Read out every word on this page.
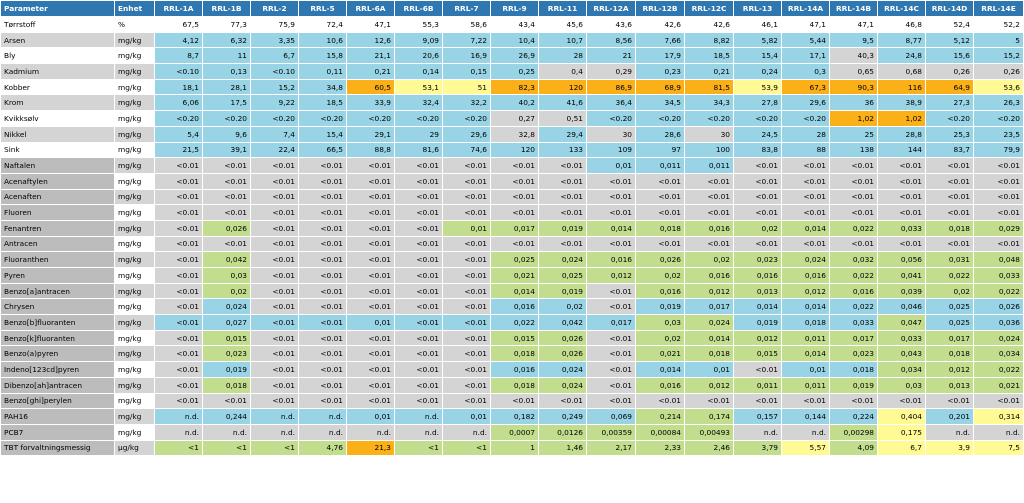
Parameter	Enhet	RRL-1A	RRL-1B	RRL-2	RRL-5	RRL-6A	RRL-6B	RRL-7	RRL-9	RRL-11	RRL-12A	RRL-12B	RRL-12C	RRL-13	RRL-14A	RRL-14B	RRL-14C	RRL-14D	RRL-14E
Tørrstoff	%	67,5	77,3	75,9	72,4	47,1	55,3	58,6	43,4	45,6	43,6	42,6	42,6	46,1	47,1	47,1	46,8	52,4	52,2
Arsen	mg/kg	4,12	6,32	3,35	10,6	12,6	9,09	7,22	10,4	10,7	8,56	7,66	8,82	5,82	5,44	9,5	8,77	5,12	5
Bly	mg/kg	8,7	11	6,7	15,8	21,1	20,6	16,9	26,9	28	21	17,9	18,5	15,4	17,1	40,3	24,8	15,6	15,2
Kadmium	mg/kg	<0.10	0,13	<0.10	0,11	0,21	0,14	0,15	0,25	0,4	0,29	0,23	0,21	0,24	0,3	0,65	0,68	0,26	0,26
Kobber	mg/kg	18,1	28,1	15,2	34,8	60,5	53,1	51	82,3	120	86,9	68,9	81,5	53,9	67,3	90,3	116	64,9	53,6
Krom	mg/kg	6,06	17,5	9,22	18,5	33,9	32,4	32,2	40,2	41,6	36,4	34,5	34,3	27,8	29,6	36	38,9	27,3	26,3
Kvikksølv	mg/kg	<0.20	<0.20	<0.20	<0.20	<0.20	<0.20	<0.20	0,27	0,51	<0.20	<0.20	<0.20	<0.20	<0.20	1,02	1,02	<0.20	<0.20
Nikkel	mg/kg	5,4	9,6	7,4	15,4	29,1	29	29,6	32,8	29,4	30	28,6	30	24,5	28	25	28,8	25,3	23,5
Sink	mg/kg	21,5	39,1	22,4	66,5	88,8	81,6	74,6	120	133	109	97	100	83,8	88	138	144	83,7	79,9
Naftalen	mg/kg	<0.01	<0.01	<0.01	<0.01	<0.01	<0.01	<0.01	<0.01	<0.01	0,01	0,011	0,011	<0.01	<0.01	<0.01	<0.01	<0.01	<0.01
Acenaftylen	mg/kg	<0.01	<0.01	<0.01	<0.01	<0.01	<0.01	<0.01	<0.01	<0.01	<0.01	<0.01	<0.01	<0.01	<0.01	<0.01	<0.01	<0.01	<0.01
Acenaften	mg/kg	<0.01	<0.01	<0.01	<0.01	<0.01	<0.01	<0.01	<0.01	<0.01	<0.01	<0.01	<0.01	<0.01	<0.01	<0.01	<0.01	<0.01	<0.01
Fluoren	mg/kg	<0.01	<0.01	<0.01	<0.01	<0.01	<0.01	<0.01	<0.01	<0.01	<0.01	<0.01	<0.01	<0.01	<0.01	<0.01	<0.01	<0.01	<0.01
Fenantren	mg/kg	<0.01	0,026	<0.01	<0.01	<0.01	<0.01	0,01	0,017	0,019	0,014	0,018	0,016	0,02	0,014	0,022	0,033	0,018	0,029
Antracen	mg/kg	<0.01	<0.01	<0.01	<0.01	<0.01	<0.01	<0.01	<0.01	<0.01	<0.01	<0.01	<0.01	<0.01	<0.01	<0.01	<0.01	<0.01	<0.01
Fluoranthen	mg/kg	<0.01	0,042	<0.01	<0.01	<0.01	<0.01	<0.01	0,025	0,024	0,016	0,026	0,02	0,023	0,024	0,032	0,056	0,031	0,048
Pyren	mg/kg	<0.01	0,03	<0.01	<0.01	<0.01	<0.01	<0.01	0,021	0,025	0,012	0,02	0,016	0,016	0,016	0,022	0,041	0,022	0,033
Benzo[a]antracen	mg/kg	<0.01	0,02	<0.01	<0.01	<0.01	<0.01	<0.01	0,014	0,019	<0.01	0,016	0,012	0,013	0,012	0,016	0,039	0,02	0,022
Chrysen	mg/kg	<0.01	0,024	<0.01	<0.01	<0.01	<0.01	<0.01	0,016	0,02	<0.01	0,019	0,017	0,014	0,014	0,022	0,046	0,025	0,026
Benzo[b]fluoranten	mg/kg	<0.01	0,027	<0.01	<0.01	0,01	<0.01	<0.01	0,022	0,042	0,017	0,03	0,024	0,019	0,018	0,033	0,047	0,025	0,036
Benzo[k]fluoranten	mg/kg	<0.01	0,015	<0.01	<0.01	<0.01	<0.01	<0.01	0,015	0,026	<0.01	0,02	0,014	0,012	0,011	0,017	0,033	0,017	0,024
Benzo(a)pyren	mg/kg	<0.01	0,023	<0.01	<0.01	<0.01	<0.01	<0.01	0,018	0,026	<0.01	0,021	0,018	0,015	0,014	0,023	0,043	0,018	0,034
Indeno[123cd]pyren	mg/kg	<0.01	0,019	<0.01	<0.01	<0.01	<0.01	<0.01	0,016	0,024	<0.01	0,014	0,01	<0.01	0,01	0,018	0,034	0,012	0,022
Dibenzo[ah]antracen	mg/kg	<0.01	0,018	<0.01	<0.01	<0.01	<0.01	<0.01	0,018	0,024	<0.01	0,016	0,012	0,011	0,011	0,019	0,03	0,013	0,021
Benzo[ghi]perylen	mg/kg	<0.01	<0.01	<0.01	<0.01	<0.01	<0.01	<0.01	<0.01	<0.01	<0.01	<0.01	<0.01	<0.01	<0.01	<0.01	<0.01	<0.01	<0.01
PAH16	mg/kg	n.d.	0,244	n.d.	n.d.	0,01	n.d.	0,01	0,182	0,249	0,069	0,214	0,174	0,157	0,144	0,224	0,404	0,201	0,314
PCB7	mg/kg	n.d.	n.d.	n.d.	n.d.	n.d.	n.d.	n.d.	0,0007	0,0126	0,00359	0,00084	0,00493	n.d.	n.d.	0,00298	0,175	n.d.	n.d.
TBT forvaltningsmessig	µg/kg	<1	<1	<1	4,76	21,3	<1	<1	1	1,46	2,17	2,33	2,46	3,79	5,57	4,09	6,7	3,9	7,5
